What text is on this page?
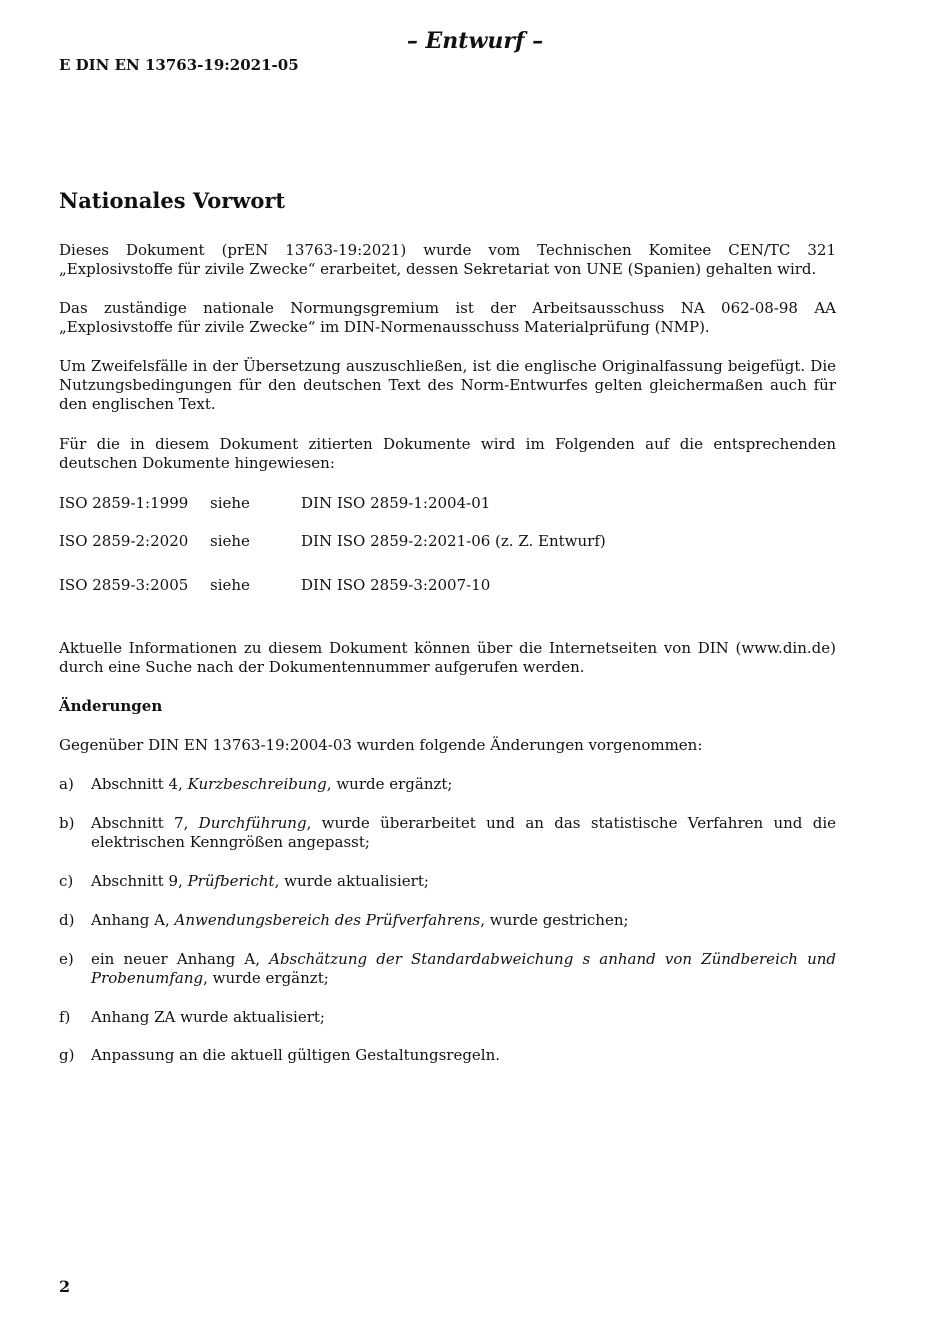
– Entwurf –
E DIN EN 13763-19:2021-05
Nationales Vorwort

Dieses Dokument (prEN 13763-19:2021) wurde vom Technischen Komitee CEN/TC 321 „Explosivstoffe für zivile Zwecke“ erarbeitet, dessen Sekretariat von UNE (Spanien) gehalten wird.

Das zuständige nationale Normungsgremium ist der Arbeitsausschuss NA 062-08-98 AA „Explosivstoffe für zivile Zwecke“ im DIN-Normenausschuss Materialprüfung (NMP).

Um Zweifelsfälle in der Übersetzung auszuschließen, ist die englische Originalfassung beigefügt. Die Nutzungsbedingungen für den deutschen Text des Norm-Entwurfes gelten gleichermaßen auch für den englischen Text.

Für die in diesem Dokument zitierten Dokumente wird im Folgenden auf die entsprechenden deutschen Dokumente hingewiesen:

ISO 2859-1:1999 siehe	DIN ISO 2859-1:2004-01
ISO 2859-2:2020 siehe	DIN ISO 2859-2:2021-06 (z. Z. Entwurf)
ISO 2859-3:2005 siehe	DIN ISO 2859-3:2007-10

Aktuelle Informationen zu diesem Dokument können über die Internetseiten von DIN (www.din.de) durch eine Suche nach der Dokumentennummer aufgerufen werden.

Änderungen

Gegenüber DIN EN 13763-19:2004-03 wurden folgende Änderungen vorgenommen:

a) Abschnitt 4, Kurzbeschreibung, wurde ergänzt;
b) Abschnitt 7, Durchführung, wurde überarbeitet und an das statistische Verfahren und die elektrischen Kenngrößen angepasst;
c) Abschnitt 9, Prüfbericht, wurde aktualisiert;
d) Anhang A, Anwendungsbereich des Prüfverfahrens, wurde gestrichen;
e) ein neuer Anhang A, Abschätzung der Standardabweichung s anhand von Zündbereich und Probenumfang, wurde ergänzt;
f) Anhang ZA wurde aktualisiert;
g) Anpassung an die aktuell gültigen Gestaltungsregeln.
2
